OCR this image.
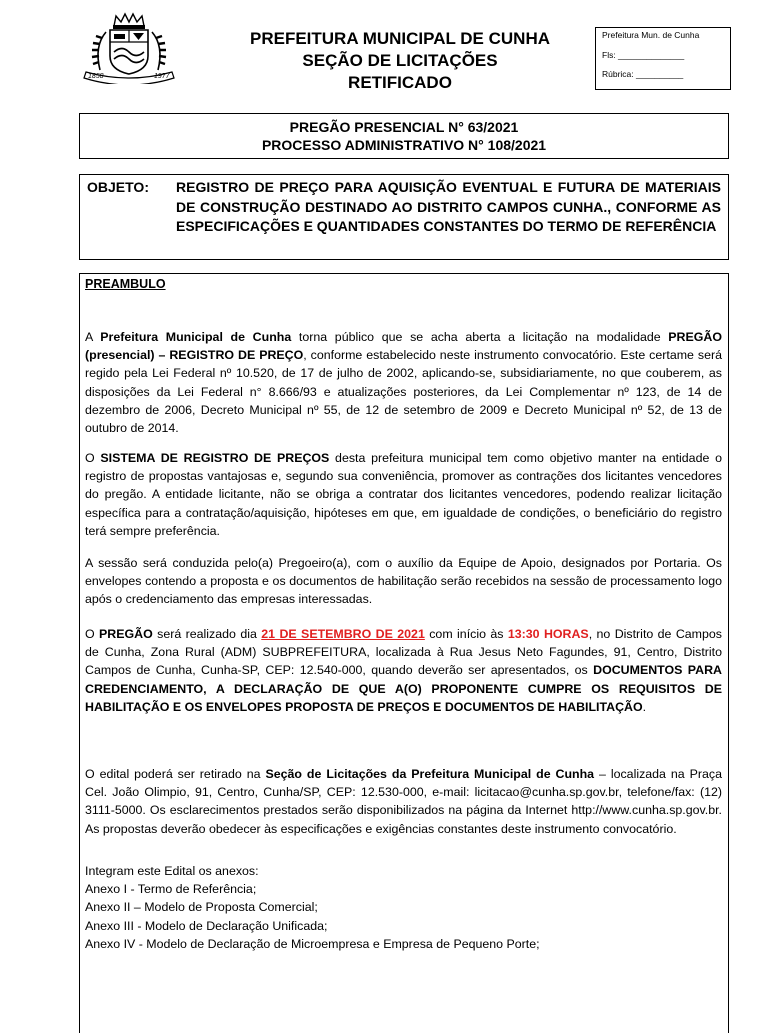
1858	1977
PREFEITURA MUNICIPAL DE CUNHA
SEÇÃO DE LICITAÇÕES
RETIFICADO
Prefeitura Mun. de Cunha
Fls: ______________
Rúbrica: __________
PREGÃO PRESENCIAL N° 63/2021
PROCESSO ADMINISTRATIVO N° 108/2021
OBJETO: REGISTRO DE PREÇO PARA AQUISIÇÃO EVENTUAL E FUTURA DE MATERIAIS DE CONSTRUÇÃO DESTINADO AO DISTRITO CAMPOS CUNHA., CONFORME AS ESPECIFICAÇÕES E QUANTIDADES CONSTANTES DO TERMO DE REFERÊNCIA
PREAMBULO
A Prefeitura Municipal de Cunha torna público que se acha aberta a licitação na modalidade PREGÃO (presencial) – REGISTRO DE PREÇO, conforme estabelecido neste instrumento convocatório. Este certame será regido pela Lei Federal nº 10.520, de 17 de julho de 2002, aplicando-se, subsidiariamente, no que couberem, as disposições da Lei Federal n° 8.666/93 e atualizações posteriores, da Lei Complementar nº 123, de 14 de dezembro de 2006, Decreto Municipal nº 55, de 12 de setembro de 2009 e Decreto Municipal nº 52, de 13 de outubro de 2014.
O SISTEMA DE REGISTRO DE PREÇOS desta prefeitura municipal tem como objetivo manter na entidade o registro de propostas vantajosas e, segundo sua conveniência, promover as contrações dos licitantes vencedores do pregão. A entidade licitante, não se obriga a contratar dos licitantes vencedores, podendo realizar licitação específica para a contratação/aquisição, hipóteses em que, em igualdade de condições, o beneficiário do registro terá sempre preferência.
A sessão será conduzida pelo(a) Pregoeiro(a), com o auxílio da Equipe de Apoio, designados por Portaria. Os envelopes contendo a proposta e os documentos de habilitação serão recebidos na sessão de processamento logo após o credenciamento das empresas interessadas.
O PREGÃO será realizado dia 21 DE SETEMBRO DE 2021 com início às 13:30 HORAS, no Distrito de Campos de Cunha, Zona Rural (ADM) SUBPREFEITURA, localizada à Rua Jesus Neto Fagundes, 91, Centro, Distrito Campos de Cunha, Cunha-SP, CEP: 12.540-000, quando deverão ser apresentados, os DOCUMENTOS PARA CREDENCIAMENTO, A DECLARAÇÃO DE QUE A(O) PROPONENTE CUMPRE OS REQUISITOS DE HABILITAÇÃO E OS ENVELOPES PROPOSTA DE PREÇOS E DOCUMENTOS DE HABILITAÇÃO.
O edital poderá ser retirado na Seção de Licitações da Prefeitura Municipal de Cunha – localizada na Praça Cel. João Olimpio, 91, Centro, Cunha/SP, CEP: 12.530-000, e-mail: licitacao@cunha.sp.gov.br, telefone/fax: (12) 3111-5000. Os esclarecimentos prestados serão disponibilizados na página da Internet http://www.cunha.sp.gov.br. As propostas deverão obedecer às especificações e exigências constantes deste instrumento convocatório.
Integram este Edital os anexos:
Anexo I - Termo de Referência;
Anexo II – Modelo de Proposta Comercial;
Anexo III - Modelo de Declaração Unificada;
Anexo IV - Modelo de Declaração de Microempresa e Empresa de Pequeno Porte;
